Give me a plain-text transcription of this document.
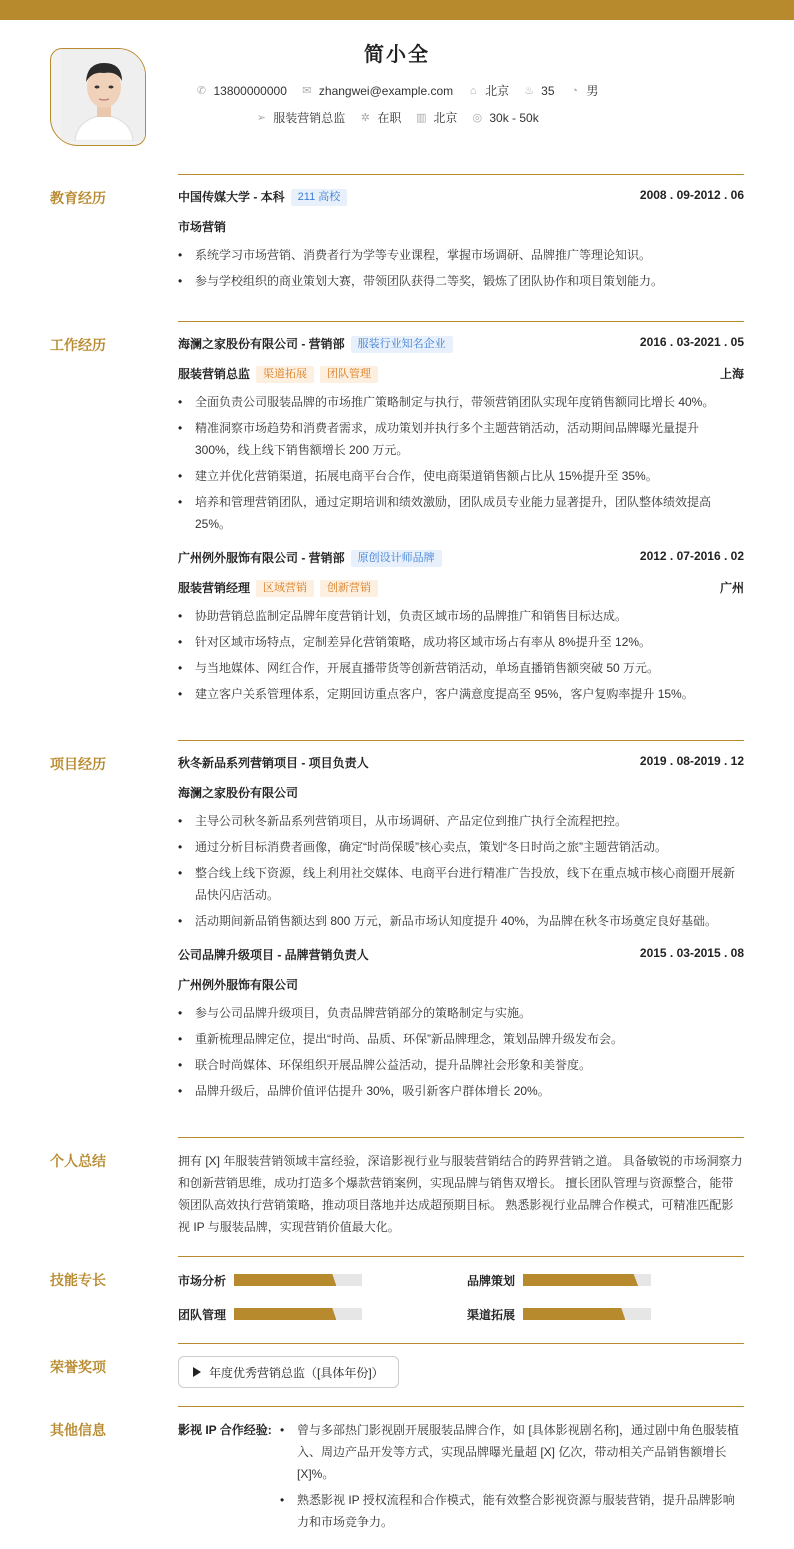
简小全
✆ 13800000000 ✉ zhangwei@example.com ⌂ 北京 ♨ 35 ◔ 男
➢ 服装营销总监 ✲ 在职 ▥ 北京 ◎ 30k - 50k
教育经历	中国传媒大学 - 本科 211 高校	2008 . 09-2012 . 06
市场营销
• 系统学习市场营销、消费者行为学等专业课程，掌握市场调研、品牌推广等理论知识。
• 参与学校组织的商业策划大赛，带领团队获得二等奖，锻炼了团队协作和项目策划能力。
工作经历	海澜之家股份有限公司 - 营销部 服装行业知名企业	2016 . 03-2021 . 05
服装营销总监 渠道拓展 团队管理	上海
• 全面负责公司服装品牌的市场推广策略制定与执行，带领营销团队实现年度销售额同比增长 40%。
• 精准洞察市场趋势和消费者需求，成功策划并执行多个主题营销活动，活动期间品牌曝光量提升 300%，线上线下销售额增长 200 万元。
• 建立并优化营销渠道，拓展电商平台合作，使电商渠道销售额占比从 15%提升至 35%。
• 培养和管理营销团队，通过定期培训和绩效激励，团队成员专业能力显著提升，团队整体绩效提高 25%。
广州例外服饰有限公司 - 营销部 原创设计师品牌	2012 . 07-2016 . 02
服装营销经理 区域营销 创新营销	广州
• 协助营销总监制定品牌年度营销计划，负责区域市场的品牌推广和销售目标达成。
• 针对区域市场特点，定制差异化营销策略，成功将区域市场占有率从 8%提升至 12%。
• 与当地媒体、网红合作，开展直播带货等创新营销活动，单场直播销售额突破 50 万元。
• 建立客户关系管理体系，定期回访重点客户，客户满意度提高至 95%，客户复购率提升 15%。
项目经历	秋冬新品系列营销项目 - 项目负责人	2019 . 08-2019 . 12
海澜之家股份有限公司
• 主导公司秋冬新品系列营销项目，从市场调研、产品定位到推广执行全流程把控。
• 通过分析目标消费者画像，确定“时尚保暖”核心卖点，策划“冬日时尚之旅”主题营销活动。
• 整合线上线下资源，线上利用社交媒体、电商平台进行精准广告投放，线下在重点城市核心商圈开展新品快闪店活动。
• 活动期间新品销售额达到 800 万元，新品市场认知度提升 40%，为品牌在秋冬市场奠定良好基础。
公司品牌升级项目 - 品牌营销负责人	2015 . 03-2015 . 08
广州例外服饰有限公司
• 参与公司品牌升级项目，负责品牌营销部分的策略制定与实施。
• 重新梳理品牌定位，提出“时尚、品质、环保”新品牌理念，策划品牌升级发布会。
• 联合时尚媒体、环保组织开展品牌公益活动，提升品牌社会形象和美誉度。
• 品牌升级后，品牌价值评估提升 30%，吸引新客户群体增长 20%。
个人总结	拥有 [X] 年服装营销领域丰富经验，深谙影视行业与服装营销结合的跨界营销之道。 具备敏锐的市场洞察力和创新营销思维，成功打造多个爆款营销案例，实现品牌与销售双增长。 擅长团队管理与资源整合，能带领团队高效执行营销策略，推动项目落地并达成超预期目标。 熟悉影视行业品牌合作模式，可精准匹配影视 IP 与服装品牌，实现营销价值最大化。
技能专长	市场分析	品牌策划
团队管理	渠道拓展
荣誉奖项	年度优秀营销总监（[具体年份]）
其他信息	影视 IP 合作经验:
•	曾与多部热门影视剧开展服装品牌合作，如 [具体影视剧名称]，通过剧中角色服装植入、周边产品开发等方式，实现品牌曝光量超 [X] 亿次，带动相关产品销售额增长 [X]%。
• 熟悉影视 IP 授权流程和合作模式，能有效整合影视资源与服装营销，提升品牌影响力和市场竞争力。
